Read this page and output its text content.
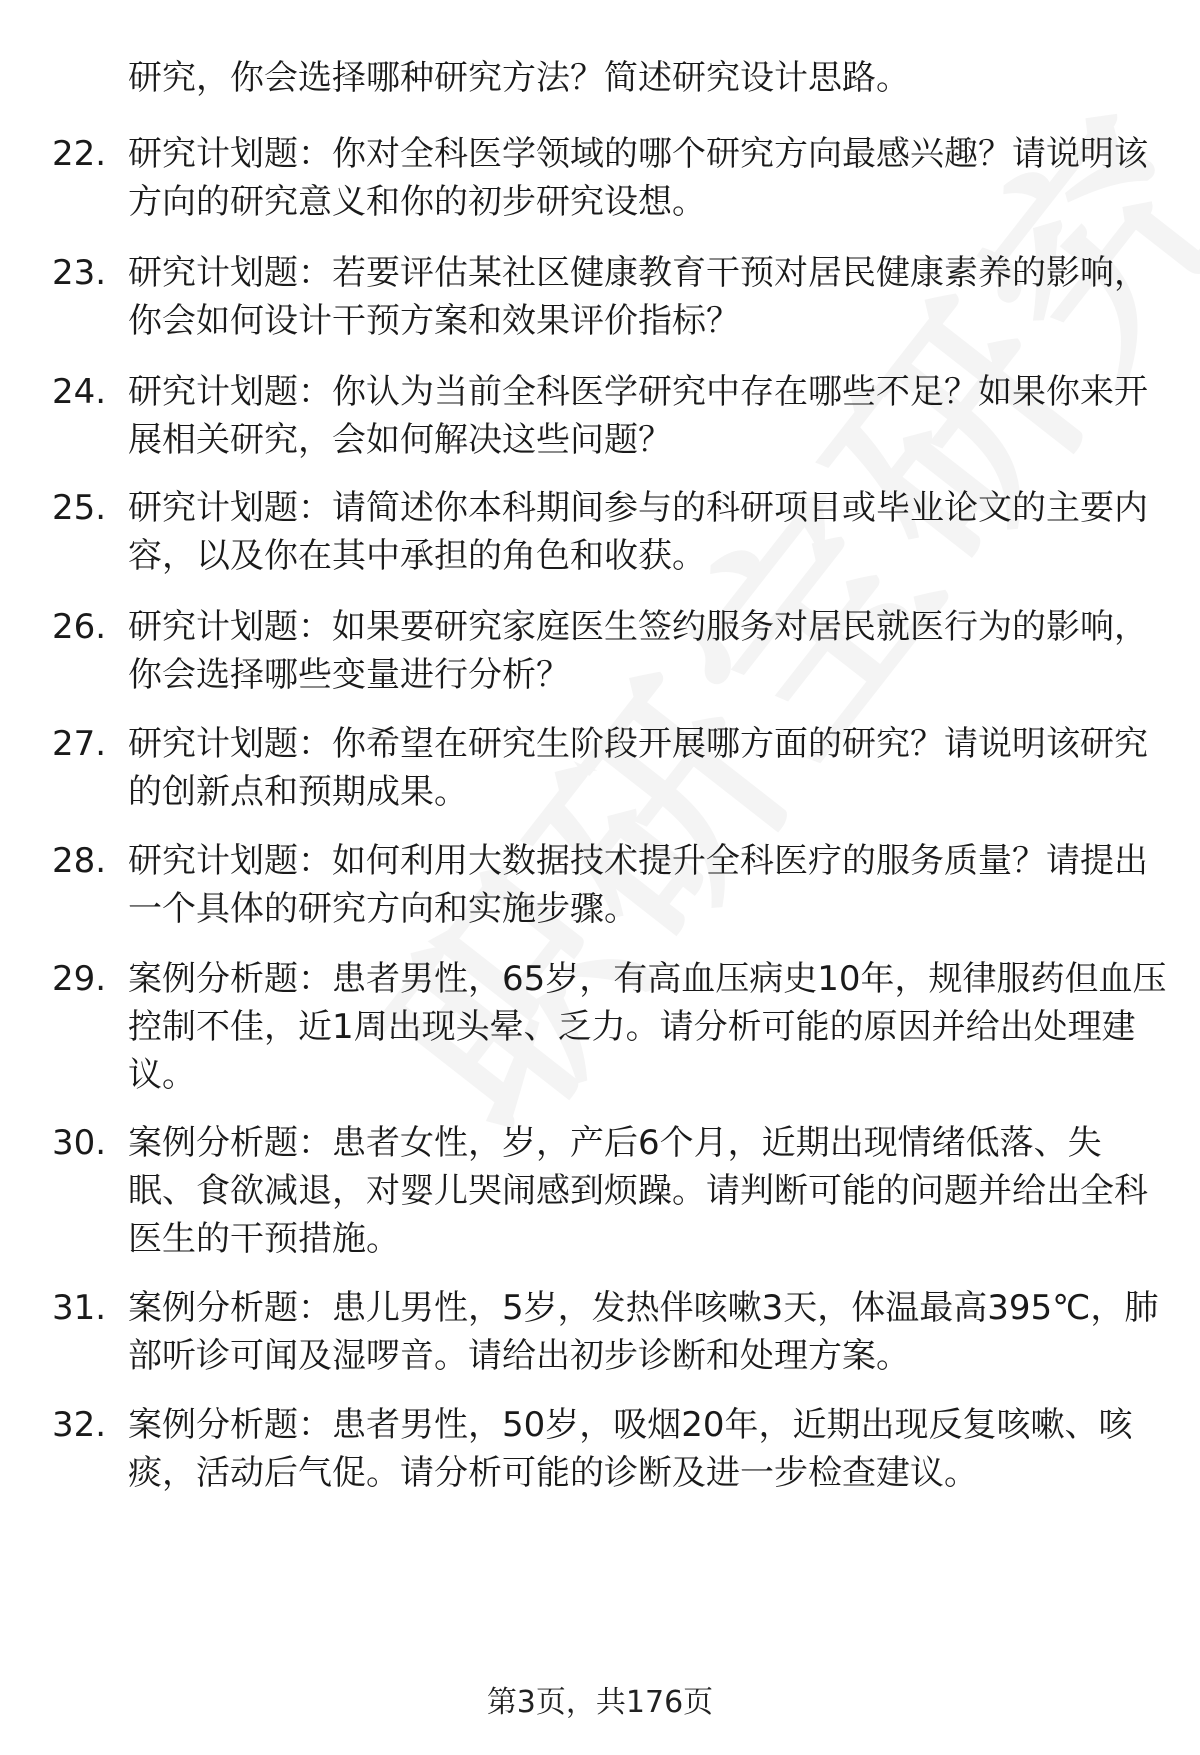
研究，你会选择哪种研究方法？简述研究设计思路。
22. 研究计划题：你对全科医学领域的哪个研究方向最感兴趣？请说明该方向的研究意义和你的初步研究设想。
23. 研究计划题：若要评估某社区健康教育干预对居民健康素养的影响，你会如何设计干预方案和效果评价指标？
24. 研究计划题：你认为当前全科医学研究中存在哪些不足？如果你来开展相关研究，会如何解决这些问题？
25. 研究计划题：请简述你本科期间参与的科研项目或毕业论文的主要内容，以及你在其中承担的角色和收获。
26. 研究计划题：如果要研究家庭医生签约服务对居民就医行为的影响，你会选择哪些变量进行分析？
27. 研究计划题：你希望在研究生阶段开展哪方面的研究？请说明该研究的创新点和预期成果。
28. 研究计划题：如何利用大数据技术提升全科医疗的服务质量？请提出一个具体的研究方向和实施步骤。
29. 案例分析题：患者男性，65岁，有高血压病史10年，规律服药但血压控制不佳，近1周出现头晕、乏力。请分析可能的原因并给出处理建议。
30. 案例分析题：患者女性，岁，产后6个月，近期出现情绪低落、失眠、食欲减退，对婴儿哭闹感到烦躁。请判断可能的问题并给出全科医生的干预措施。
31. 案例分析题：患儿男性，5岁，发热伴咳嗽3天，体温最高395℃，肺部听诊可闻及湿啰音。请给出初步诊断和处理方案。
32. 案例分析题：患者男性，50岁，吸烟20年，近期出现反复咳嗽、咳痰，活动后气促。请分析可能的诊断及进一步检查建议。
第3页，共176页
